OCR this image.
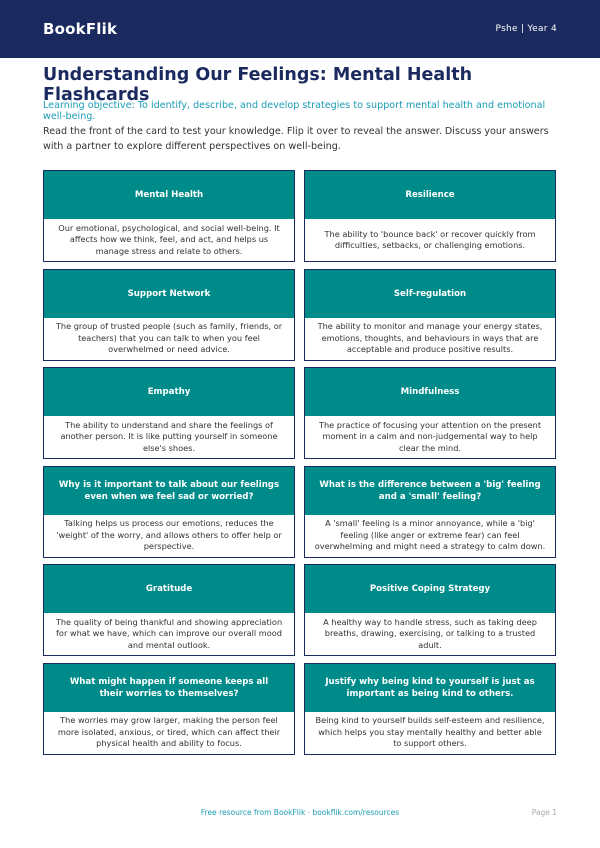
BookFlik	Pshe | Year 4
Understanding Our Feelings: Mental Health Flashcards

Learning objective: To identify, describe, and develop strategies to support mental health and emotional well-being.

Read the front of the card to test your knowledge. Flip it over to reveal the answer. Discuss your answers with a partner to explore different perspectives on well-being.

Mental Health
Our emotional, psychological, and social well-being. It affects how we think, feel, and act, and helps us manage stress and relate to others.
Resilience
The ability to 'bounce back' or recover quickly from difficulties, setbacks, or challenging emotions.
Support Network
The group of trusted people (such as family, friends, or teachers) that you can talk to when you feel overwhelmed or need advice.
Self-regulation
The ability to monitor and manage your energy states, emotions, thoughts, and behaviours in ways that are acceptable and produce positive results.
Empathy
The ability to understand and share the feelings of another person. It is like putting yourself in someone else's shoes.
Mindfulness
The practice of focusing your attention on the present moment in a calm and non-judgemental way to help clear the mind.
Why is it important to talk about our feelings even when we feel sad or worried?
Talking helps us process our emotions, reduces the 'weight' of the worry, and allows others to offer help or perspective.
What is the difference between a 'big' feeling and a 'small' feeling?
A 'small' feeling is a minor annoyance, while a 'big' feeling (like anger or extreme fear) can feel overwhelming and might need a strategy to calm down.
Gratitude
The quality of being thankful and showing appreciation for what we have, which can improve our overall mood and mental outlook.
Positive Coping Strategy
A healthy way to handle stress, such as taking deep breaths, drawing, exercising, or talking to a trusted adult.
What might happen if someone keeps all their worries to themselves?
The worries may grow larger, making the person feel more isolated, anxious, or tired, which can affect their physical health and ability to focus.
Justify why being kind to yourself is just as important as being kind to others.
Being kind to yourself builds self-esteem and resilience, which helps you stay mentally healthy and better able to support others.
Free resource from BookFlik · bookflik.com/resources	Page 1
